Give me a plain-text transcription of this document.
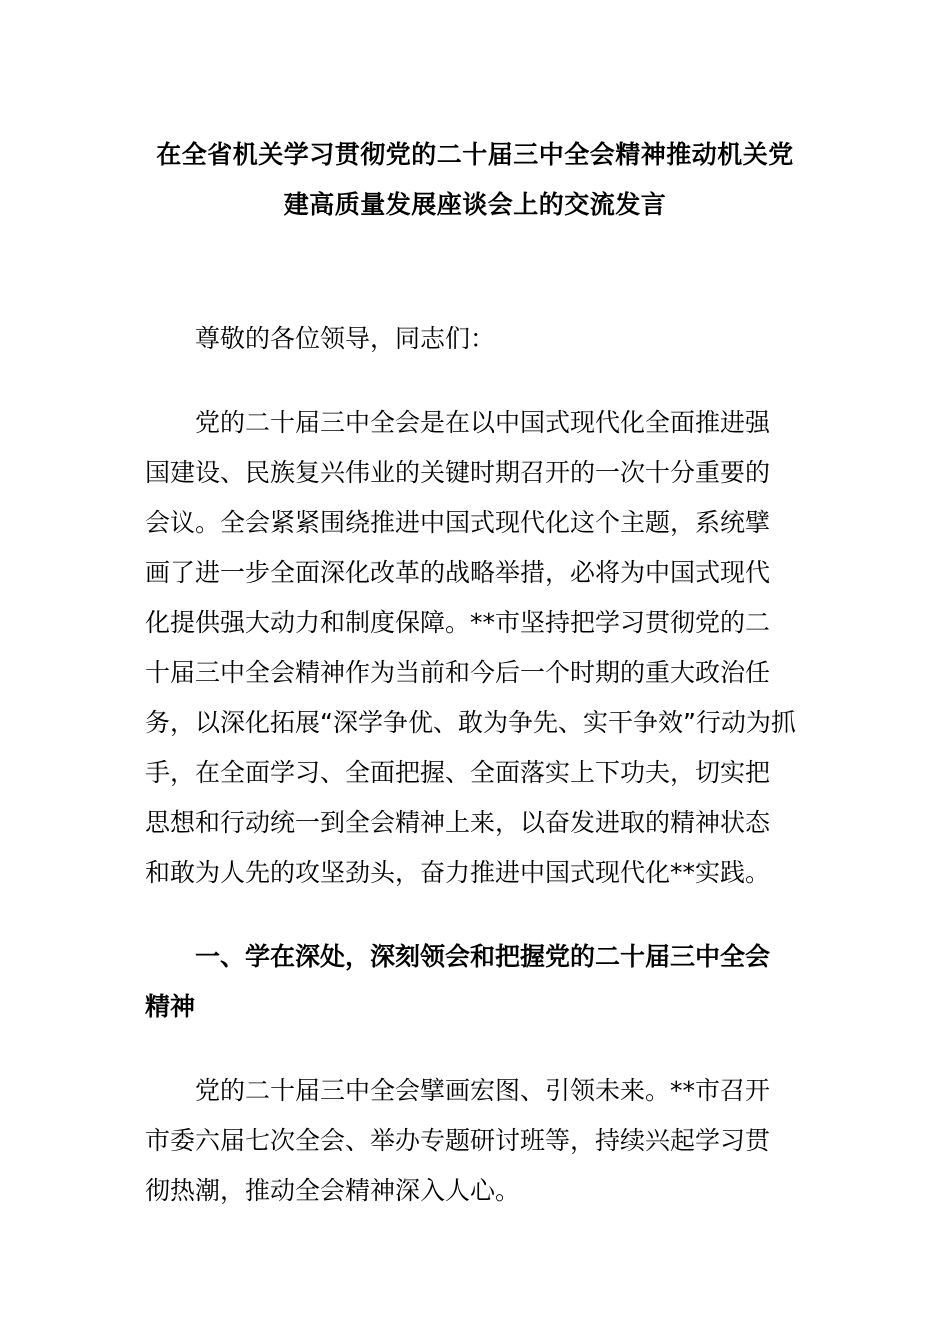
在全省机关学习贯彻党的二十届三中全会精神推动机关党
建高质量发展座谈会上的交流发言
尊敬的各位领导，同志们：
党的二十届三中全会是在以中国式现代化全面推进强
国建设、民族复兴伟业的关键时期召开的一次十分重要的
会议。全会紧紧围绕推进中国式现代化这个主题，系统擘
画了进一步全面深化改革的战略举措，必将为中国式现代
化提供强大动力和制度保障。**市坚持把学习贯彻党的二
十届三中全会精神作为当前和今后一个时期的重大政治任
务，以深化拓展“深学争优、敢为争先、实干争效”行动为抓
手，在全面学习、全面把握、全面落实上下功夫，切实把
思想和行动统一到全会精神上来，以奋发进取的精神状态
和敢为人先的攻坚劲头，奋力推进中国式现代化**实践。
一、学在深处，深刻领会和把握党的二十届三中全会
精神
党的二十届三中全会擘画宏图、引领未来。**市召开
市委六届七次全会、举办专题研讨班等，持续兴起学习贯
彻热潮，推动全会精神深入人心。
